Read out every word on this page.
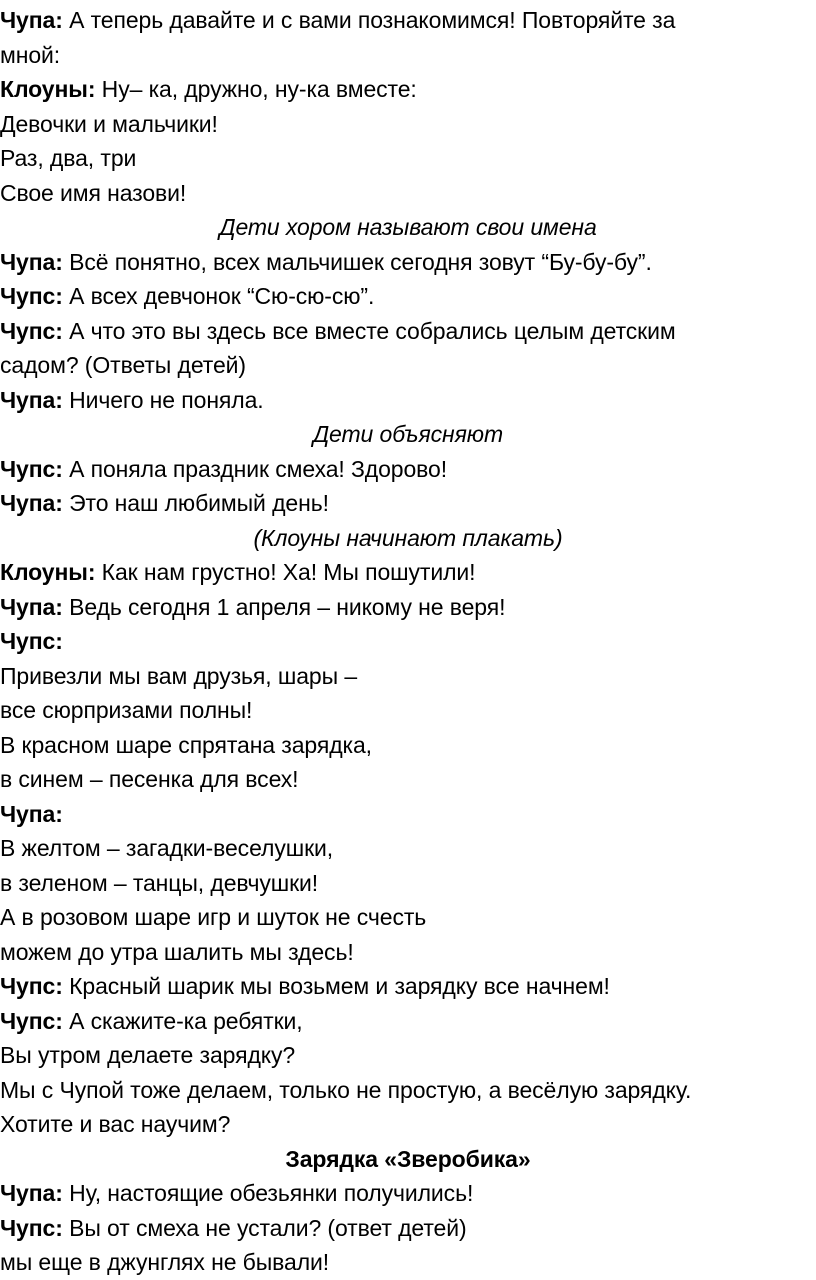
Чупа: А теперь давайте и с вами познакомимся! Повторяйте за
мной:
Клоуны: Ну– ка, дружно, ну-ка вместе:
Девочки и мальчики!
Раз, два, три
Свое имя назови!
Дети хором называют свои имена
Чупа: Всё понятно, всех мальчишек сегодня зовут “Бу-бу-бу”.
Чупс: А всех девчонок “Сю-сю-сю”.
Чупс: А что это вы здесь все вместе собрались целым детским
садом? (Ответы детей)
Чупа: Ничего не поняла.
Дети объясняют
Чупс: А поняла праздник смеха! Здорово!
Чупа: Это наш любимый день!
(Клоуны начинают плакать)
Клоуны: Как нам грустно! Ха! Мы пошутили!
Чупа: Ведь сегодня 1 апреля – никому не веря!
Чупс:
Привезли мы вам друзья, шары –
все сюрпризами полны!
В красном шаре спрятана зарядка,
в синем – песенка для всех!
Чупа:
В желтом – загадки-веселушки,
в зеленом – танцы, девчушки!
А в розовом шаре игр и шуток не счесть
можем до утра шалить мы здесь!
Чупс: Красный шарик мы возьмем и зарядку все начнем!
Чупс: А скажите-ка ребятки,
Вы утром делаете зарядку?
Мы с Чупой тоже делаем, только не простую, а весёлую зарядку.
Хотите и вас научим?
Зарядка «Зверобика»
Чупа: Ну, настоящие обезьянки получились!
Чупс: Вы от смеха не устали? (ответ детей)
мы еще в джунглях не бывали!
